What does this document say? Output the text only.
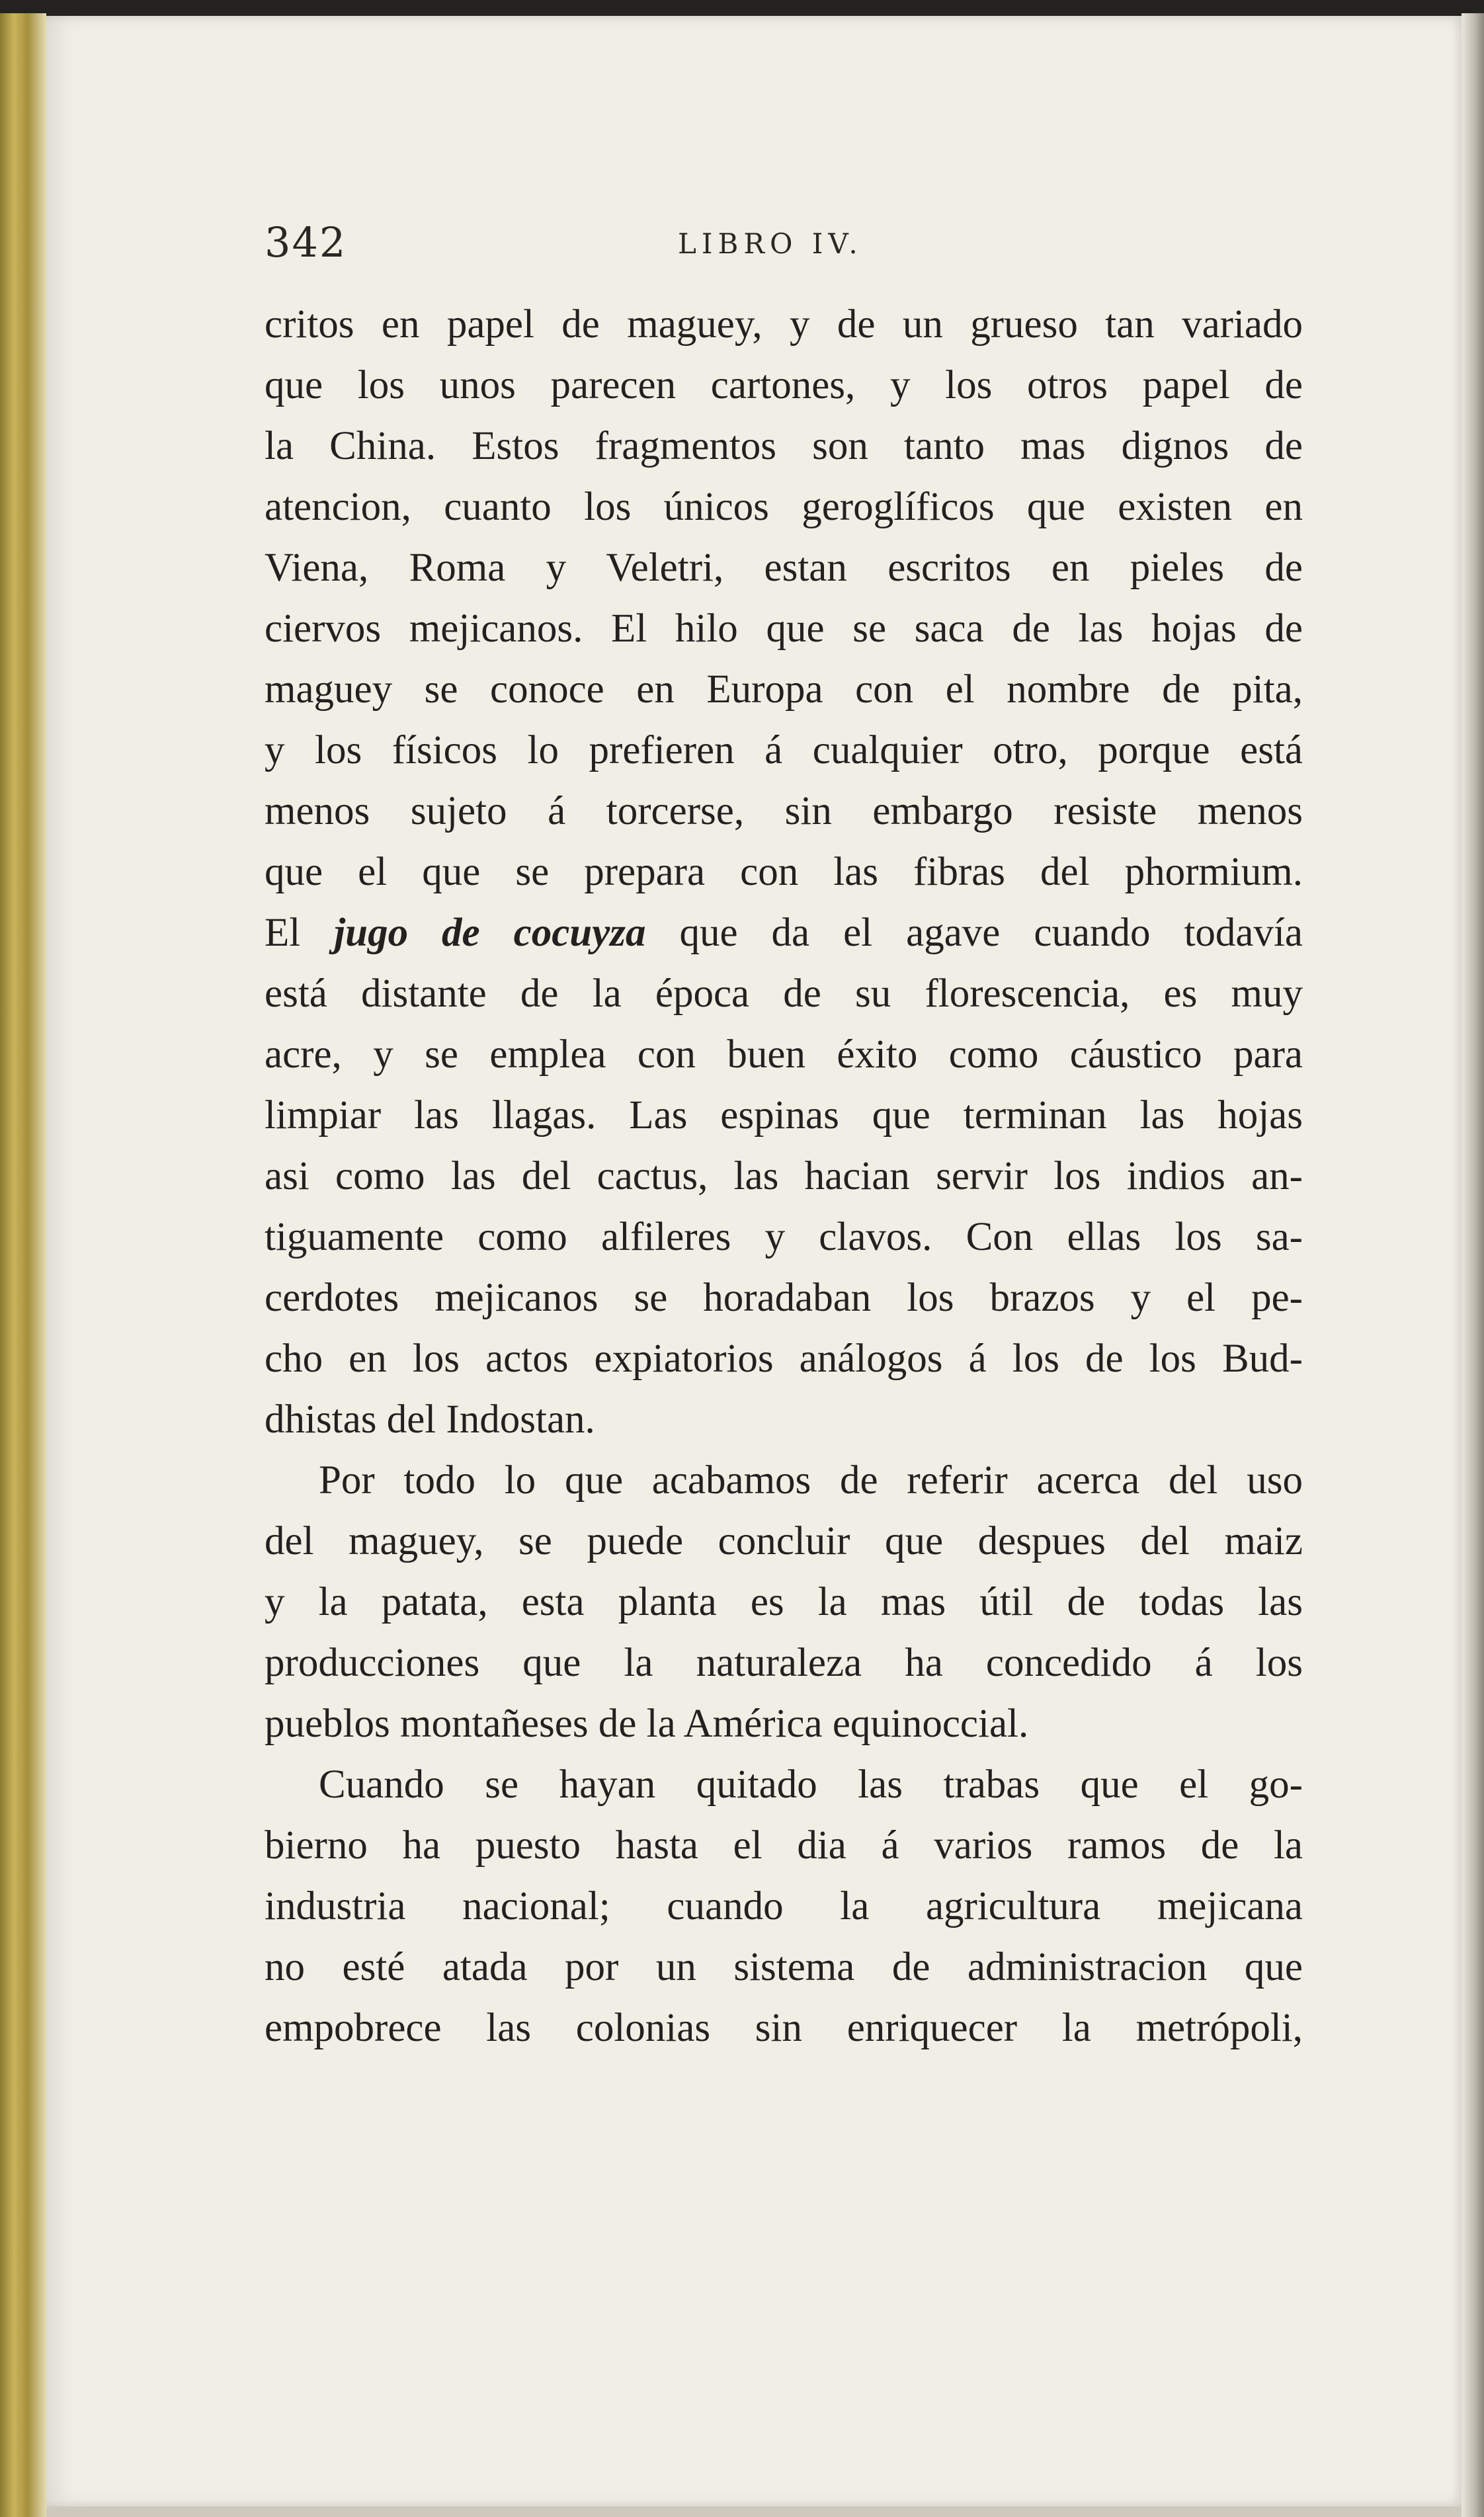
342	LIBRO IV.
critos en papel de maguey, y de un grueso tan variado
que los unos parecen cartones, y los otros papel de
la China. Estos fragmentos son tanto mas dignos de
atencion, cuanto los únicos geroglíficos que existen en
Viena, Roma y Veletri, estan escritos en pieles de
ciervos mejicanos. El hilo que se saca de las hojas de
maguey se conoce en Europa con el nombre de pita,
y los físicos lo prefieren á cualquier otro, porque está
menos sujeto á torcerse, sin embargo resiste menos
que el que se prepara con las fibras del phormium.
El jugo de cocuyza que da el agave cuando todavía
está distante de la época de su florescencia, es muy
acre, y se emplea con buen éxito como cáustico para
limpiar las llagas. Las espinas que terminan las hojas
asi como las del cactus, las hacian servir los indios an-
tiguamente como alfileres y clavos. Con ellas los sa-
cerdotes mejicanos se horadaban los brazos y el pe-
cho en los actos expiatorios análogos á los de los Bud-
dhistas del Indostan.
Por todo lo que acabamos de referir acerca del uso
del maguey, se puede concluir que despues del maiz
y la patata, esta planta es la mas útil de todas las
producciones que la naturaleza ha concedido á los
pueblos montañeses de la América equinoccial.
Cuando se hayan quitado las trabas que el go-
bierno ha puesto hasta el dia á varios ramos de la
industria nacional; cuando la agricultura mejicana
no esté atada por un sistema de administracion que
empobrece las colonias sin enriquecer la metrópoli,
